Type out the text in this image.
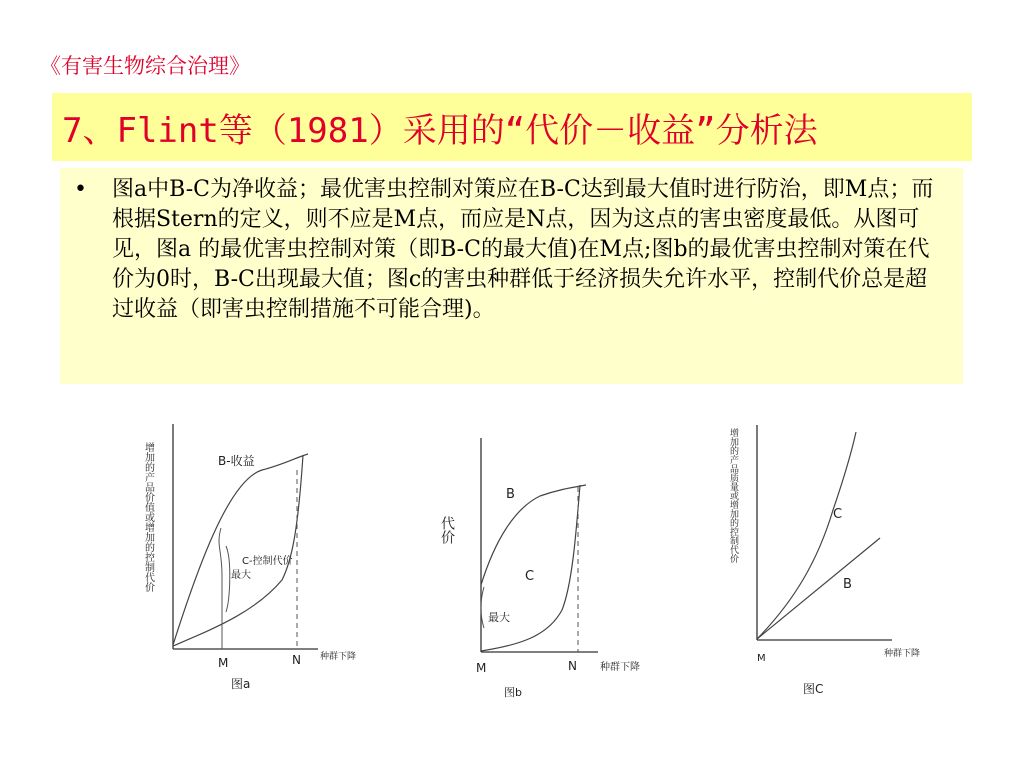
《有害生物综合治理》
7、Flint等（1981）采用的“代价－收益”分析法
•	图a中B-C为净收益；最优害虫控制对策应在B-C达到最大值时进行防治，即M点；而根据Stern的定义，则不应是M点，而应是N点，因为这点的害虫密度最低。从图可见，图a 的最优害虫控制对策（即B-C的最大值)在M点;图b的最优害虫控制对策在代价为0时，B-C出现最大值；图c的害虫种群低于经济损失允许水平，控制代价总是超过收益（即害虫控制措施不可能合理)。
B-收益
C-控制代价
最大
M	N 种群下降
图a
增加的产品价值或增加的控制代价	B
C
最大
M	N 种群下降
图b
代价
C
B
M	种群下降
图C
增加的产品质量或增加的控制代价
